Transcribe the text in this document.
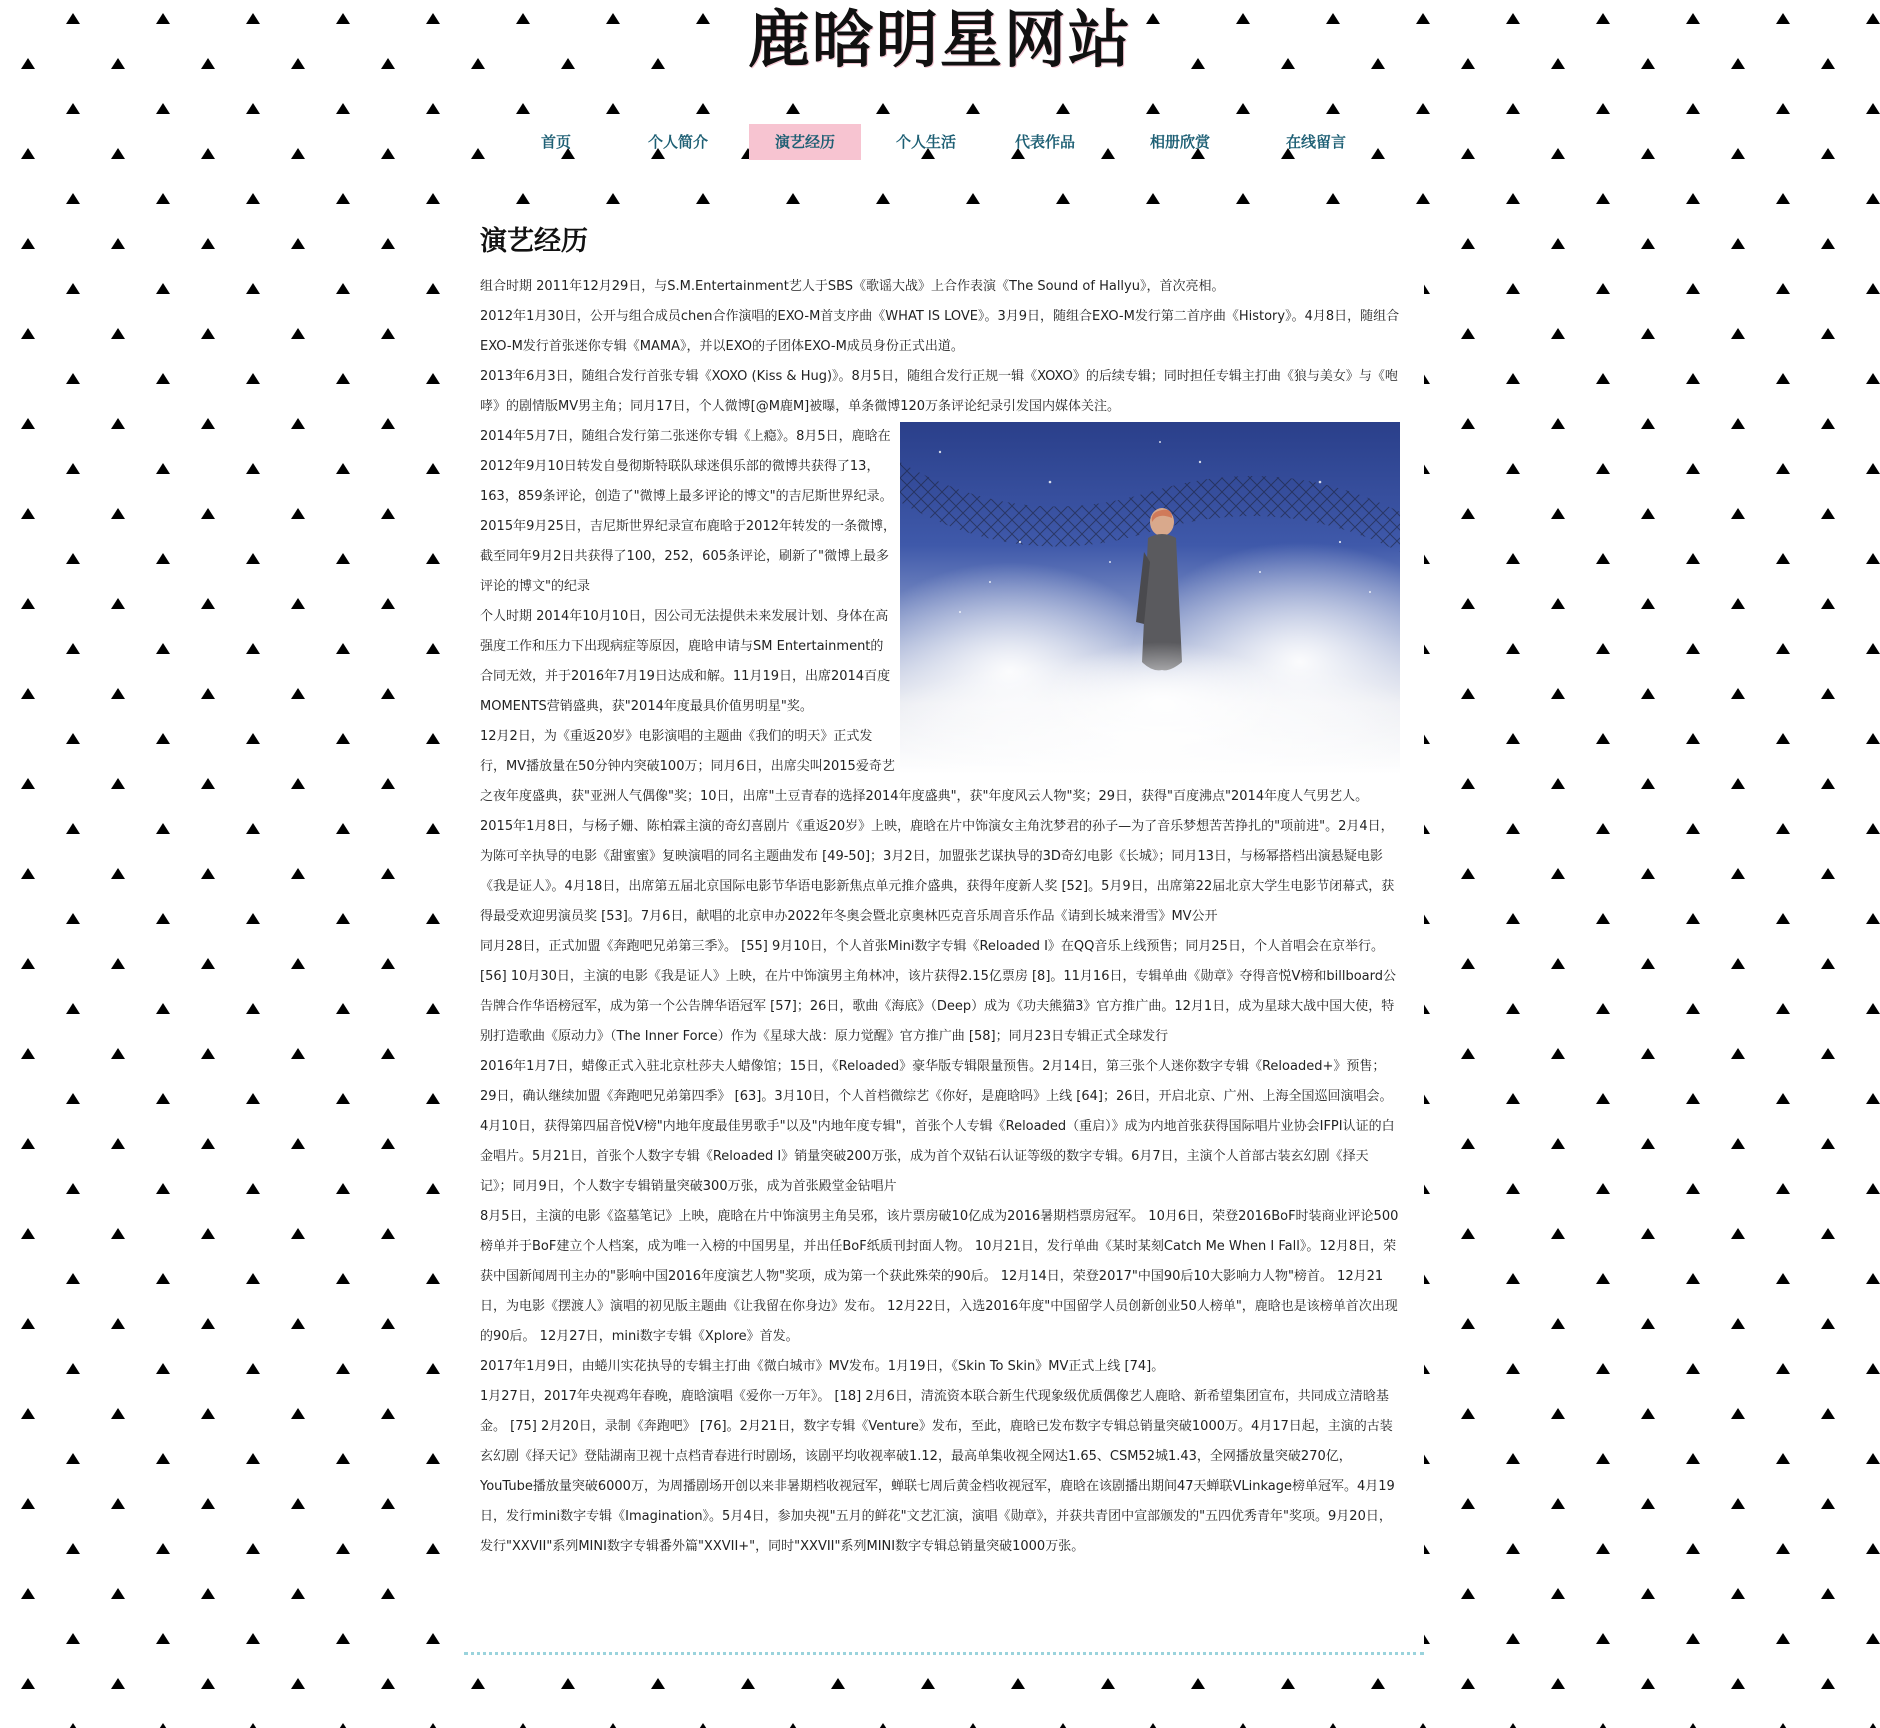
鹿晗明星网站
首页	个人简介	演艺经历	个人生活	代表作品	相册欣赏	在线留言
演艺经历

组合时期 2011年12月29日，与S.M.Entertainment艺人于SBS《歌谣大战》上合作表演《The Sound of Hallyu》，首次亮相。

2012年1月30日，公开与组合成员chen合作演唱的EXO-M首支序曲《WHAT IS LOVE》。3月9日，随组合EXO-M发行第二首序曲《History》。4月8日，随组合EXO-M发行首张迷你专辑《MAMA》，并以EXO的子团体EXO-M成员身份正式出道。

2013年6月3日，随组合发行首张专辑《XOXO (Kiss & Hug)》。8月5日，随组合发行正规一辑《XOXO》的后续专辑；同时担任专辑主打曲《狼与美女》与《咆哮》的剧情版MV男主角；同月17日，个人微博[@M鹿M]被曝，单条微博120万条评论纪录引发国内媒体关注。

2014年5月7日，随组合发行第二张迷你专辑《上瘾》。8月5日，鹿晗在2012年9月10日转发自曼彻斯特联队球迷俱乐部的微博共获得了13，163，859条评论，创造了"微博上最多评论的博文"的吉尼斯世界纪录。 2015年9月25日，吉尼斯世界纪录宣布鹿晗于2012年转发的一条微博，截至同年9月2日共获得了100，252，605条评论，刷新了"微博上最多评论的博文"的纪录

个人时期 2014年10月10日，因公司无法提供未来发展计划、身体在高强度工作和压力下出现病症等原因，鹿晗申请与SM Entertainment的合同无效，并于2016年7月19日达成和解。11月19日，出席2014百度MOMENTS营销盛典，获"2014年度最具价值男明星"奖。

12月2日，为《重返20岁》电影演唱的主题曲《我们的明天》正式发行，MV播放量在50分钟内突破100万；同月6日，出席尖叫2015爱奇艺之夜年度盛典，获"亚洲人气偶像"奖；10日，出席"土豆青春的选择2014年度盛典"，获"年度风云人物"奖；29日，获得"百度沸点"2014年度人气男艺人。

2015年1月8日，与杨子姗、陈柏霖主演的奇幻喜剧片《重返20岁》上映，鹿晗在片中饰演女主角沈梦君的孙子—为了音乐梦想苦苦挣扎的"项前进"。2月4日，为陈可辛执导的电影《甜蜜蜜》复映演唱的同名主题曲发布 [49-50]；3月2日，加盟张艺谋执导的3D奇幻电影《长城》；同月13日，与杨幂搭档出演悬疑电影《我是证人》。4月18日，出席第五届北京国际电影节华语电影新焦点单元推介盛典，获得年度新人奖 [52]。5月9日，出席第22届北京大学生电影节闭幕式，获得最受欢迎男演员奖 [53]。7月6日，献唱的北京申办2022年冬奥会暨北京奥林匹克音乐周音乐作品《请到长城来滑雪》MV公开

同月28日，正式加盟《奔跑吧兄弟第三季》。 [55] 9月10日，个人首张Mini数字专辑《Reloaded Ⅰ》在QQ音乐上线预售；同月25日，个人首唱会在京举行。 [56] 10月30日，主演的电影《我是证人》上映，在片中饰演男主角林冲，该片获得2.15亿票房 [8]。11月16日，专辑单曲《勋章》夺得音悦V榜和billboard公告牌合作华语榜冠军，成为第一个公告牌华语冠军 [57]；26日，歌曲《海底》（Deep）成为《功夫熊猫3》官方推广曲。12月1日，成为星球大战中国大使，特别打造歌曲《原动力》（The Inner Force）作为《星球大战：原力觉醒》官方推广曲 [58]；同月23日专辑正式全球发行

2016年1月7日，蜡像正式入驻北京杜莎夫人蜡像馆；15日，《Reloaded》豪华版专辑限量预售。2月14日，第三张个人迷你数字专辑《Reloaded+》预售；29日，确认继续加盟《奔跑吧兄弟第四季》 [63]。3月10日，个人首档微综艺《你好，是鹿晗吗》上线 [64]；26日，开启北京、广州、上海全国巡回演唱会。4月10日，获得第四届音悦V榜"内地年度最佳男歌手"以及"内地年度专辑"，首张个人专辑《Reloaded（重启）》成为内地首张获得国际唱片业协会IFPI认证的白金唱片。5月21日，首张个人数字专辑《Reloaded Ⅰ》销量突破200万张，成为首个双钻石认证等级的数字专辑。6月7日，主演个人首部古装玄幻剧《择天记》；同月9日，个人数字专辑销量突破300万张，成为首张殿堂金钻唱片

8月5日，主演的电影《盗墓笔记》上映，鹿晗在片中饰演男主角吴邪，该片票房破10亿成为2016暑期档票房冠军。 10月6日，荣登2016BoF时装商业评论500榜单并于BoF建立个人档案，成为唯一入榜的中国男星，并出任BoF纸质刊封面人物。 10月21日，发行单曲《某时某刻Catch Me When I Fall》。12月8日，荣获中国新闻周刊主办的"影响中国2016年度演艺人物"奖项，成为第一个获此殊荣的90后。 12月14日，荣登2017"中国90后10大影响力人物"榜首。 12月21日，为电影《摆渡人》演唱的初见版主题曲《让我留在你身边》发布。 12月22日，入选2016年度"中国留学人员创新创业50人榜单"，鹿晗也是该榜单首次出现的90后。 12月27日，mini数字专辑《Xplore》首发。

2017年1月9日，由蜷川实花执导的专辑主打曲《微白城市》MV发布。1月19日，《Skin To Skin》MV正式上线 [74]。

1月27日，2017年央视鸡年春晚，鹿晗演唱《爱你一万年》。 [18] 2月6日，清流资本联合新生代现象级优质偶像艺人鹿晗、新希望集团宣布，共同成立清晗基金。 [75] 2月20日，录制《奔跑吧》 [76]。2月21日，数字专辑《Venture》发布，至此，鹿晗已发布数字专辑总销量突破1000万。4月17日起，主演的古装玄幻剧《择天记》登陆湖南卫视十点档青春进行时剧场，该剧平均收视率破1.12，最高单集收视全网达1.65、CSM52城1.43，全网播放量突破270亿，YouTube播放量突破6000万，为周播剧场开创以来非暑期档收视冠军，蝉联七周后黄金档收视冠军，鹿晗在该剧播出期间47天蝉联VLinkage榜单冠军。4月19日，发行mini数字专辑《Imagination》。5月4日，参加央视"五月的鲜花"文艺汇演，演唱《勋章》，并获共青团中宣部颁发的"五四优秀青年"奖项。9月20日，发行"XXVII"系列MINI数字专辑番外篇"XXVII+"，同时"XXVII"系列MINI数字专辑总销量突破1000万张。
